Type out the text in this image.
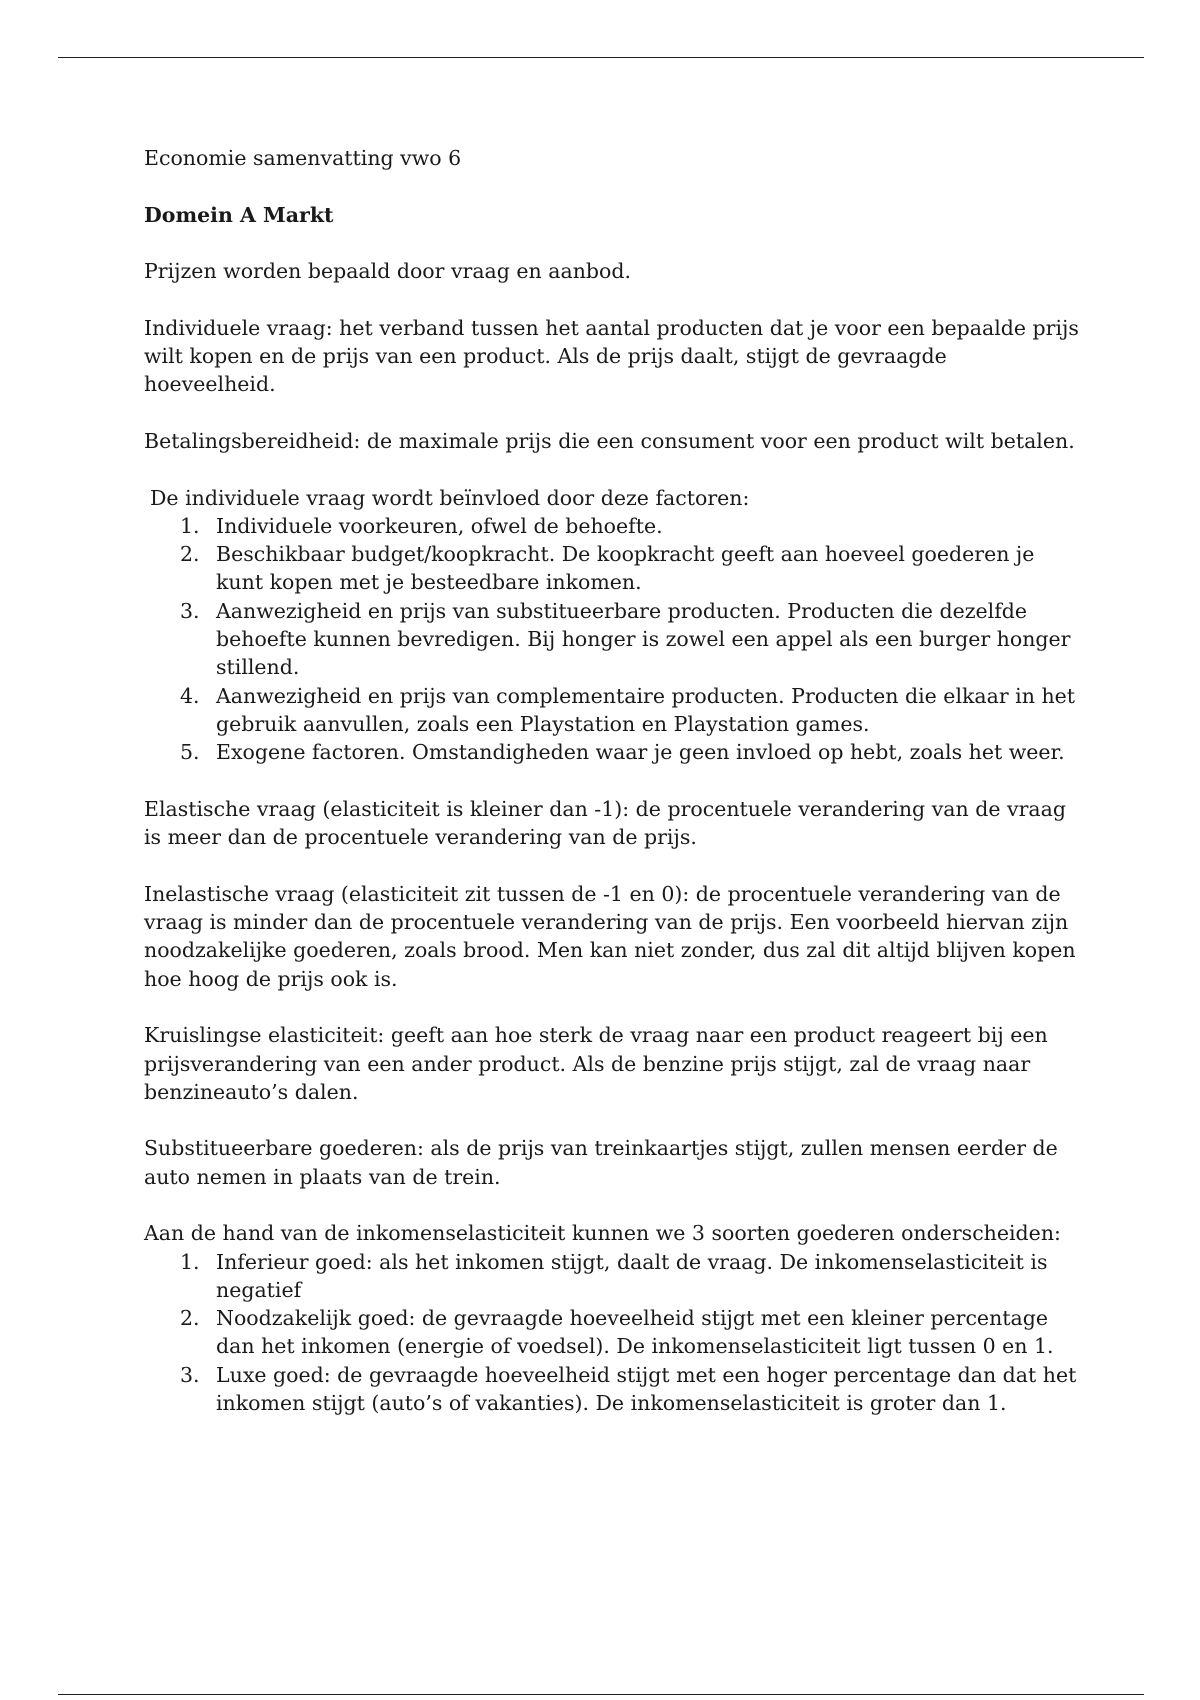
Economie samenvatting vwo 6

Domein A Markt

Prijzen worden bepaald door vraag en aanbod.

Individuele vraag: het verband tussen het aantal producten dat je voor een bepaalde prijs wilt kopen en de prijs van een product. Als de prijs daalt, stijgt de gevraagde hoeveelheid.

Betalingsbereidheid: de maximale prijs die een consument voor een product wilt betalen.

De individuele vraag wordt beïnvloed door deze factoren:

1. Individuele voorkeuren, ofwel de behoefte.
2. Beschikbaar budget/koopkracht. De koopkracht geeft aan hoeveel goederen je kunt kopen met je besteedbare inkomen.
3. Aanwezigheid en prijs van substitueerbare producten. Producten die dezelfde behoefte kunnen bevredigen. Bij honger is zowel een appel als een burger honger stillend.
4. Aanwezigheid en prijs van complementaire producten. Producten die elkaar in het gebruik aanvullen, zoals een Playstation en Playstation games.
5. Exogene factoren. Omstandigheden waar je geen invloed op hebt, zoals het weer.

Elastische vraag (elasticiteit is kleiner dan -1): de procentuele verandering van de vraag is meer dan de procentuele verandering van de prijs.

Inelastische vraag (elasticiteit zit tussen de -1 en 0): de procentuele verandering van de vraag is minder dan de procentuele verandering van de prijs. Een voorbeeld hiervan zijn noodzakelijke goederen, zoals brood. Men kan niet zonder, dus zal dit altijd blijven kopen hoe hoog de prijs ook is.

Kruislingse elasticiteit: geeft aan hoe sterk de vraag naar een product reageert bij een prijsverandering van een ander product. Als de benzine prijs stijgt, zal de vraag naar benzineauto’s dalen.

Substitueerbare goederen: als de prijs van treinkaartjes stijgt, zullen mensen eerder de auto nemen in plaats van de trein.

Aan de hand van de inkomenselasticiteit kunnen we 3 soorten goederen onderscheiden:

1. Inferieur goed: als het inkomen stijgt, daalt de vraag. De inkomenselasticiteit is negatief
2. Noodzakelijk goed: de gevraagde hoeveelheid stijgt met een kleiner percentage dan het inkomen (energie of voedsel). De inkomenselasticiteit ligt tussen 0 en 1.
3. Luxe goed: de gevraagde hoeveelheid stijgt met een hoger percentage dan dat het inkomen stijgt (auto’s of vakanties). De inkomenselasticiteit is groter dan 1.
